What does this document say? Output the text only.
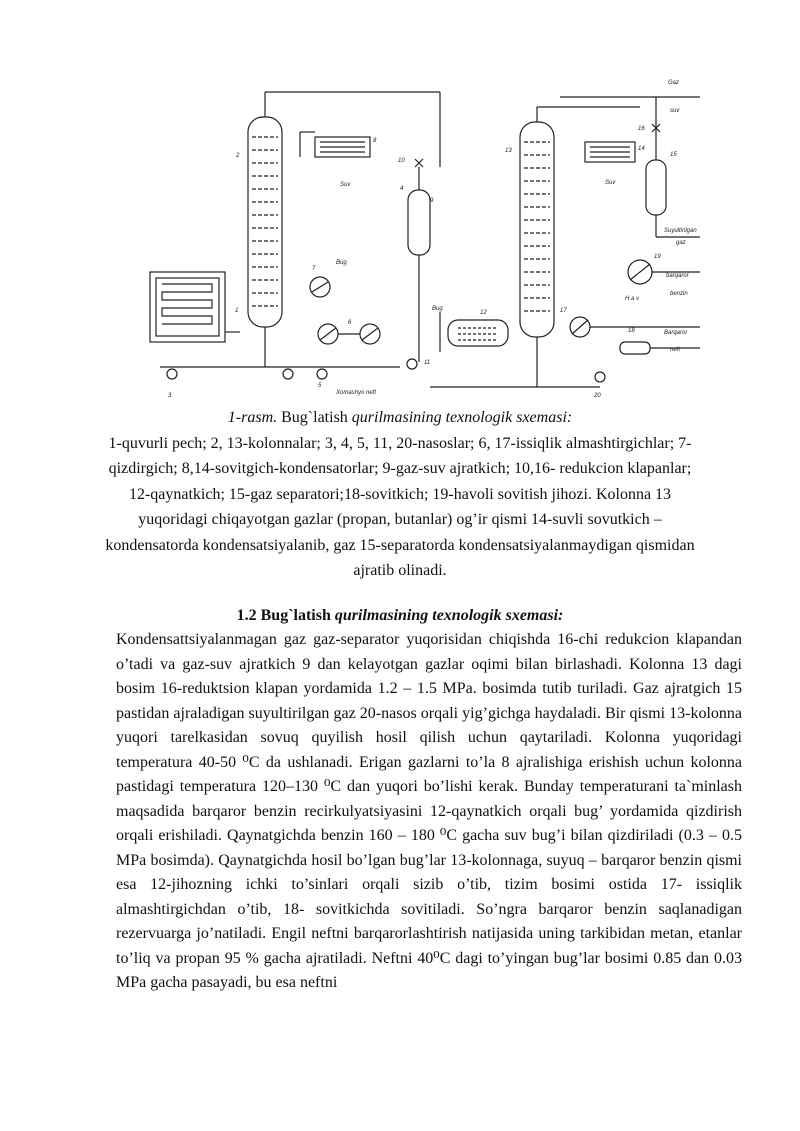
1
2
3
4
5
6
7
8
9
10
11
12
13	14
15
16
17
18
19
20
Suv	Suv
Bug
Bug
Gaz
suv
Suyultirilgan
gaz
barqaror
benzin
Barqaror
neft
H a v
Xomashyo neft
1-rasm. Bug`latish qurilmasining texnologik sxemasi:
1-quvurli pech; 2, 13-kolonnalar; 3, 4, 5, 11, 20-nasoslar; 6, 17-issiqlik almashtirgichlar; 7-qizdirgich; 8,14-sovitgich-kondensatorlar; 9-gaz-suv ajratkich; 10,16- redukcion klapanlar; 12-qaynatkich; 15-gaz separatori;18-sovitkich; 19-havoli sovitish jihozi. Kolonna 13 yuqoridagi chiqayotgan gazlar (propan, butanlar) og’ir qismi 14-suvli sovutkich – kondensatorda kondensatsiyalanib, gaz 15-separatorda kondensatsiyalanmaydigan qismidan ajratib olinadi.
1.2 Bug`latish qurilmasining texnologik sxemasi:

Kondensattsiyalanmagan gaz gaz-separator yuqorisidan chiqishda 16-chi redukcion klapandan o’tadi va gaz-suv ajratkich 9 dan kelayotgan gazlar oqimi bilan birlashadi. Kolonna 13 dagi bosim 16-reduktsion klapan yordamida 1.2 – 1.5 MPa. bosimda tutib turiladi. Gaz ajratgich 15 pastidan ajraladigan suyultirilgan gaz 20-nasos orqali yig’gichga haydaladi. Bir qismi 13-kolonna yuqori tarelkasidan sovuq quyilish hosil qilish uchun qaytariladi. Kolonna yuqoridagi temperatura 40-50 ⁰C da ushlanadi. Erigan gazlarni to’la 8 ajralishiga erishish uchun kolonna pastidagi temperatura 120–130 ⁰C dan yuqori bo’lishi kerak. Bunday temperaturani ta`minlash maqsadida barqaror benzin recirkulyatsiyasini 12-qaynatkich orqali bug’ yordamida qizdirish orqali erishiladi. Qaynatgichda benzin 160 – 180 ⁰C gacha suv bug’i bilan qizdiriladi (0.3 – 0.5 MPa bosimda). Qaynatgichda hosil bo’lgan bug’lar 13-kolonnaga, suyuq – barqaror benzin qismi esa 12-jihozning ichki to’sinlari orqali sizib o’tib, tizim bosimi ostida 17- issiqlik almashtirgichdan o’tib, 18- sovitkichda sovitiladi. So’ngra barqaror benzin saqlanadigan rezervuarga jo’natiladi. Engil neftni barqarorlashtirish natijasida uning tarkibidan metan, etanlar to’liq va propan 95 % gacha ajratiladi. Neftni 40⁰C dagi to’yingan bug’lar bosimi 0.85 dan 0.03 MPa gacha pasayadi, bu esa neftni
